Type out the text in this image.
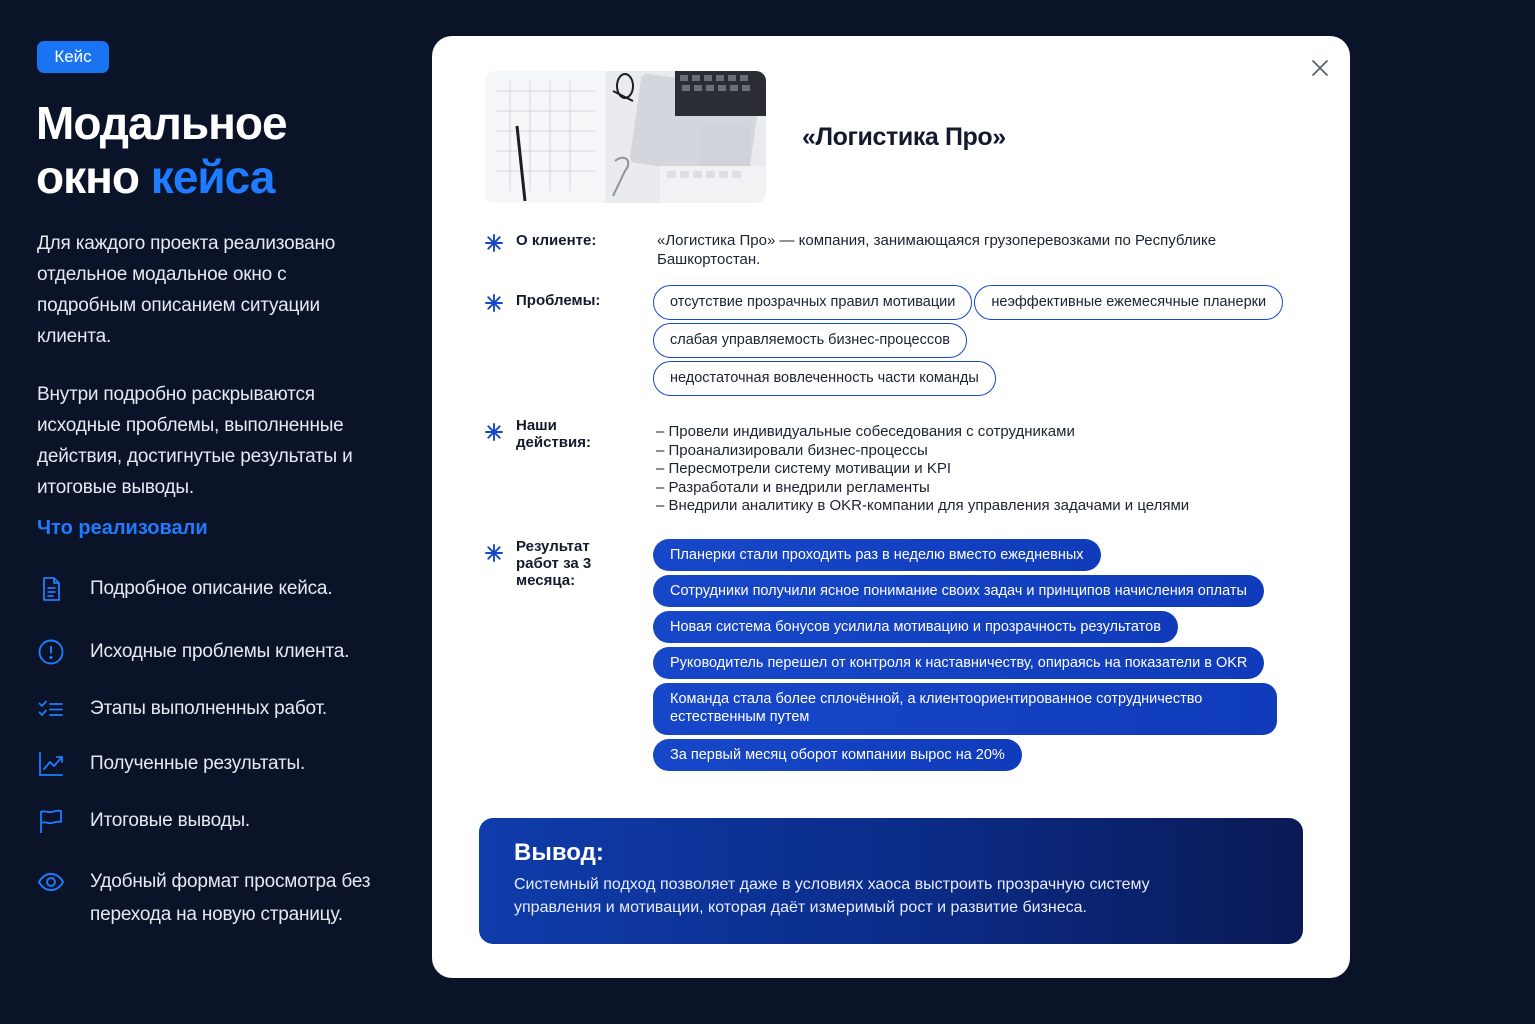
Кейс
Модальное
окно кейса

Для каждого проекта реализовано отдельное модальное окно с подробным описанием ситуации клиента.

Внутри подробно раскрываются исходные проблемы, выполненные действия, достигнутые результаты и итоговые выводы.

Что реализовали
Подробное описание кейса.
Исходные проблемы клиента.
Этапы выполненных работ.
Полученные результаты.
Итоговые выводы.
Удобный формат просмотра без перехода на новую страницу.
«Логистика Про»
О клиенте:	«Логистика Про» — компания, занимающаяся грузоперевозками по Республике Башкортостан.
Проблемы:	отсутствие прозрачных правил мотивации неэффективные ежемесячные планерки
слабая управляемость бизнес-процессов
недостаточная вовлеченность части команды
Наши действия:
– Провели индивидуальные собеседования с сотрудниками
– Проанализировали бизнес-процессы
– Пересмотрели систему мотивации и KPI
– Разработали и внедрили регламенты
– Внедрили аналитику в OKR-компании для управления задачами и целями
Результат работ за 3 месяца:
Планерки стали проходить раз в неделю вместо ежедневных
Сотрудники получили ясное понимание своих задач и принципов начисления оплаты
Новая система бонусов усилила мотивацию и прозрачность результатов
Руководитель перешел от контроля к наставничеству, опираясь на показатели в OKR
Команда стала более сплочённой, а клиентоориентированное сотрудничество естественным путем
За первый месяц оборот компании вырос на 20%
Вывод:
Системный подход позволяет даже в условиях хаоса выстроить прозрачную систему управления и мотивации, которая даёт измеримый рост и развитие бизнеса.
